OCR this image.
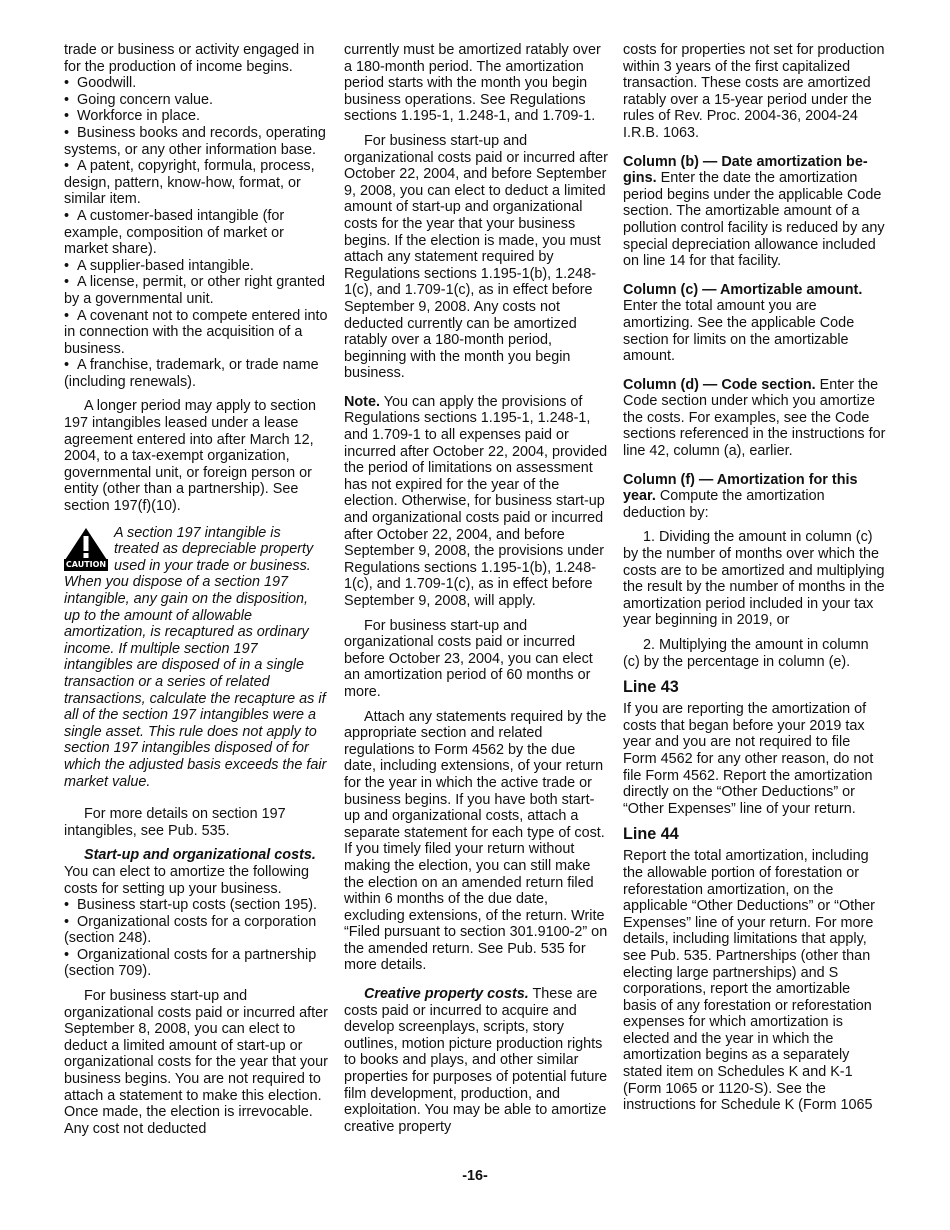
trade or business or activity engaged in for the production of income begins.

•  Goodwill.

•  Going concern value.

•  Workforce in place.

•  Business books and records, operating systems, or any other information base.

•  A patent, copyright, formula, process, design, pattern, know-how, format, or similar item.

•  A customer-based intangible (for example, composition of market or market share).

•  A supplier-based intangible.

•  A license, permit, or other right granted by a governmental unit.

•  A covenant not to compete entered into in connection with the acquisition of a business.

•  A franchise, trademark, or trade name (including renewals).

A longer period may apply to section 197 intangibles leased under a lease agreement entered into after March 12, 2004, to a tax-exempt organization, governmental unit, or foreign person or entity (other than a partnership). See section 197(f)(10).

CAUTION

A section 197 intangible is treated as depreciable property used in your trade or business. When you dispose of a section 197 intangible, any gain on the disposition, up to the amount of allowable amortization, is recaptured as ordinary income. If multiple section 197 intangibles are disposed of in a single transaction or a series of related transactions, calculate the recapture as if all of the section 197 intangibles were a single asset. This rule does not apply to section 197 intangibles disposed of for which the adjusted basis exceeds the fair market value.

For more details on section 197 intangibles, see Pub. 535.

Start-up and organizational costs. You can elect to amortize the following costs for setting up your business.

•  Business start-up costs (section 195).

•  Organizational costs for a corporation (section 248).

•  Organizational costs for a partnership (section 709).

For business start-up and organizational costs paid or incurred after September 8, 2008, you can elect to deduct a limited amount of start-up or organizational costs for the year that your business begins. You are not required to attach a statement to make this election. Once made, the election is irrevocable. Any cost not deducted

currently must be amortized ratably over a 180-month period. The amortization period starts with the month you begin business operations. See Regulations sections 1.195-1, 1.248-1, and 1.709-1.

For business start-up and organizational costs paid or incurred after October 22, 2004, and before September 9, 2008, you can elect to deduct a limited amount of start-up and organizational costs for the year that your business begins. If the election is made, you must attach any statement required by Regulations sections 1.195-1(b), 1.248-1(c), and 1.709-1(c), as in effect before September 9, 2008. Any costs not deducted currently can be amortized ratably over a 180-month period, beginning with the month you begin business.

Note. You can apply the provisions of Regulations sections 1.195-1, 1.248-1, and 1.709-1 to all expenses paid or incurred after October 22, 2004, provided the period of limitations on assessment has not expired for the year of the election. Otherwise, for business start-up and organizational costs paid or incurred after October 22, 2004, and before September 9, 2008, the provisions under Regulations sections 1.195-1(b), 1.248-1(c), and 1.709-1(c), as in effect before September 9, 2008, will apply.

For business start-up and organizational costs paid or incurred before October 23, 2004, you can elect an amortization period of 60 months or more.

Attach any statements required by the appropriate section and related regulations to Form 4562 by the due date, including extensions, of your return for the year in which the active trade or business begins. If you have both start-up and organizational costs, attach a separate statement for each type of cost. If you timely filed your return without making the election, you can still make the election on an amended return filed within 6 months of the due date, excluding extensions, of the return. Write “Filed pursuant to section 301.9100-2” on the amended return. See Pub. 535 for more details.

Creative property costs. These are costs paid or incurred to acquire and develop screenplays, scripts, story outlines, motion picture production rights to books and plays, and other similar properties for purposes of potential future film development, production, and exploitation. You may be able to amortize creative property

costs for properties not set for production within 3 years of the first capitalized transaction. These costs are amortized ratably over a 15-year period under the rules of Rev. Proc. 2004-36, 2004-24 I.R.B. 1063.

Column (b) — Date amortization be-gins. Enter the date the amortization period begins under the applicable Code section. The amortizable amount of a pollution control facility is reduced by any special depreciation allowance included on line 14 for that facility.

Column (c) — Amortizable amount. Enter the total amount you are amortizing. See the applicable Code section for limits on the amortizable amount.

Column (d) — Code section. Enter the Code section under which you amortize the costs. For examples, see the Code sections referenced in the instructions for line 42, column (a), earlier.

Column (f) — Amortization for this year. Compute the amortization deduction by:

1. Dividing the amount in column (c) by the number of months over which the costs are to be amortized and multiplying the result by the number of months in the amortization period included in your tax year beginning in 2019, or

2. Multiplying the amount in column (c) by the percentage in column (e).

Line 43

If you are reporting the amortization of costs that began before your 2019 tax year and you are not required to file Form 4562 for any other reason, do not file Form 4562. Report the amortization directly on the “Other Deductions” or “Other Expenses” line of your return.

Line 44

Report the total amortization, including the allowable portion of forestation or reforestation amortization, on the applicable “Other Deductions” or “Other Expenses” line of your return. For more details, including limitations that apply, see Pub. 535. Partnerships (other than electing large partnerships) and S corporations, report the amortizable basis of any forestation or reforestation expenses for which amortization is elected and the year in which the amortization begins as a separately stated item on Schedules K and K-1 (Form 1065 or 1120-S). See the instructions for Schedule K (Form 1065

-16-
